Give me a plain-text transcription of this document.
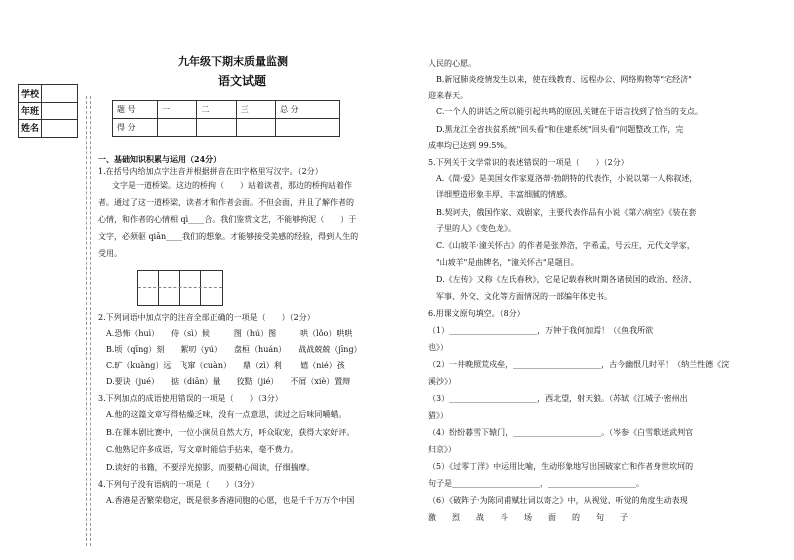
九年级下期末质量监测
语文试题
学校
年班
姓名
题 号	一	二	三	总 分
得 分				
一、基础知识积累与运用（24分）
1.在括号内给加点字注音并根据拼音在田字格里写汉字。（2分）
文字是一道桥梁。这边的桥拘（　　）站着读者，那边的桥拘站着作
者。通过了这一道桥梁，读者才和作者会面。不但会面，并且了解作者的
心情，和作者的心情相 qì____合。我们鉴赏文艺，不能够拘泥（　　）于
文字，必须驱 qiān____我们的想象。才能够接受美感的经验，得到人生的
受用。
2.下列词语中加点字的注音全部正确的一项是（　　）（2分）
A.恐怖（huì）　　侍（sì）候　　　图（hú）图　　　哄（lǒo）哄哄
B.顷（qīng）刻　　絮叨（yú）　　盘桓（huán）　　战战兢兢（jīng）
C.旷（kuàng）远　飞窜（cuàn）　　鼎（zì）利　　 嬉（nié）孩
D.要诀（jué）　　掂（diān）量　　狡黠（jié）　　不屑（xiè）置辩
3.下列加点的成语使用错误的一项是（　　）（3分）
A.他的这篇文章写得枯燥乏味，没有一点意思，读过之后味同嚼蜡。
B.在课本剧比赛中，一位小演员自然大方，呼众取宠，获得大家好评。
C.他熟记许多成语，写文章时能信手拈来，毫不费力。
D.读好的书籍，不要浮光掠影，而要精心阅读，仔细揣摩。
4.下列句子没有语病的一项是（　　）（3分）
A.香港是否繁荣稳定，既是很多香港同胞的心愿，也是千千万万个中国
人民的心愿。
B.新冠肺炎疫情发生以来，使在线教育、远程办公、网络购物等"宅经济"
迎来春天。
C.一个人的讲话之所以能引起共鸣的原因,关键在于语言找到了恰当的支点。
D.黑龙江全省扶贫系统"回头看"和住建系统"回头看"问题整改工作，完
成率均已达到 99.5%。
5.下列关于文学常识的表述错误的一项是（　　）（2分）
A.《简·爱》是美国女作家夏洛蒂·勃朗特的代表作，小说以第一人称叙述，
详细塑造形象丰厚、丰富细腻的情感。
B.契诃夫，俄国作家、戏剧家，主要代表作品有小说《第六病室》《装在套
子里的人》《变色龙》。
C.《山坡羊·潼关怀古》的作者是张养浩，字希孟，号云庄，元代文学家，
"山坡羊"是曲牌名，"潼关怀古"是题目。
D.《左传》又称《左氏春秋》，它是记载春秋时期各诸侯国的政治、经济、
军事、外交、文化等方面情况的一部编年体史书。
6.用课文原句填空。（8分）
（1）______________________，万钟于我何加焉！（《鱼我所欲
也》）
（2）一井晚照荒戍垒，______________________，古今幽恨几时平！（纳兰性德《浣
溪沙》）
（3）______________________，西北望，射天狼。（苏轼《江城子·密州出
猎》）
（4）纷纷暮雪下辕门，______________________。（岑参《白雪歌送武判官
归京》）
（5）《过零丁洋》中运用比喻，生动形象地写出国破家亡和作者身世坎坷的
句子是______________________，______________________。
（6）《破阵子·为陈同甫赋壮词以寄之》中，从视觉、听觉的角度生动表现
激　　烈　　战　　斗　　场　　面　　的　　句　　子
